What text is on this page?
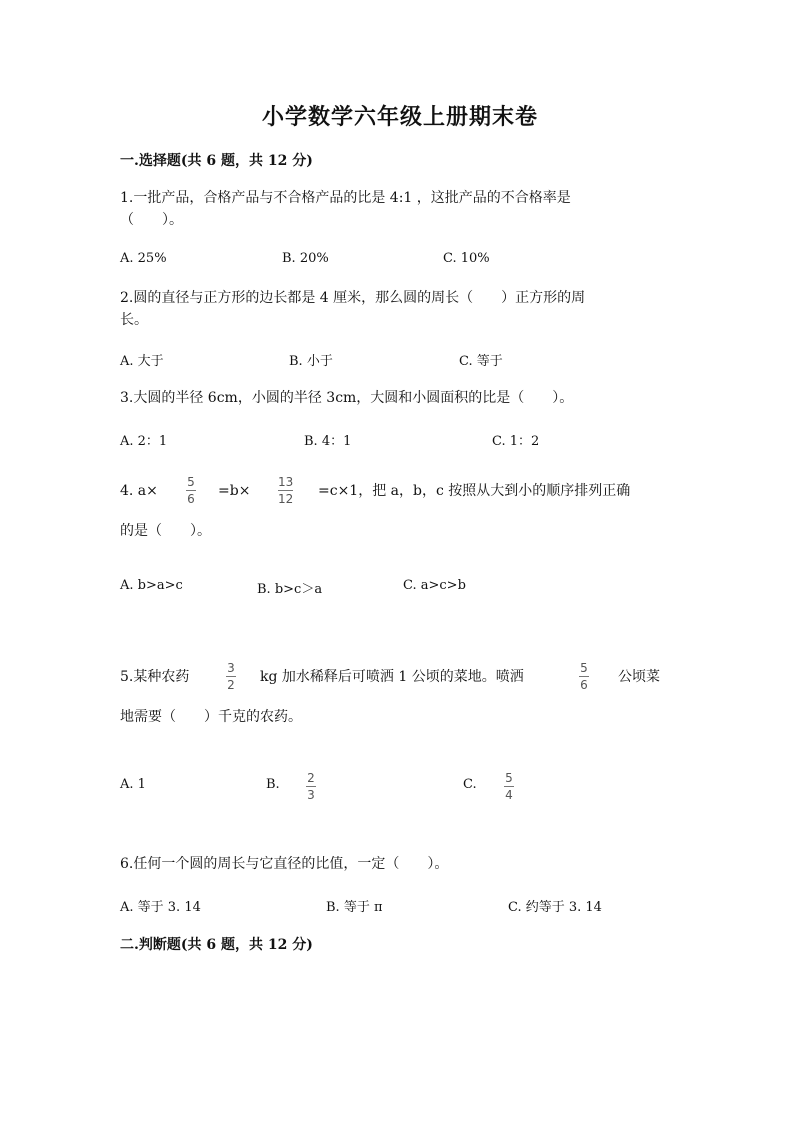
小学数学六年级上册期末卷
一.选择题(共 6 题，共 12 分)
1.一批产品，合格产品与不合格产品的比是 4:1 ，这批产品的不合格率是
（　　）。
A. 25%	B. 20%	C. 10%
2.圆的直径与正方形的边长都是 4 厘米，那么圆的周长（　　）正方形的周
长。
A. 大于	B. 小于	C. 等于
3.大圆的半径 6cm，小圆的半径 3cm，大圆和小圆面积的比是（　　）。
A. 2：1	B. 4：1	C. 1：2
4. a×
5
6 =b×
13
12 =c×1，把 a，b，c 按照从大到小的顺序排列正确
的是（　　）。
A. b>a>c	B. b>c＞a	C. a>c>b
5.某种农药
3
2 kg 加水稀释后可喷洒 1 公顷的菜地。喷洒
5
6 公顷菜
地需要（　　）千克的农药。
A. 1	B. 2
3
C. 5
4
6.任何一个圆的周长与它直径的比值，一定（　　）。
A. 等于 3. 14	B. 等于 π	C. 约等于 3. 14
二.判断题(共 6 题，共 12 分)
